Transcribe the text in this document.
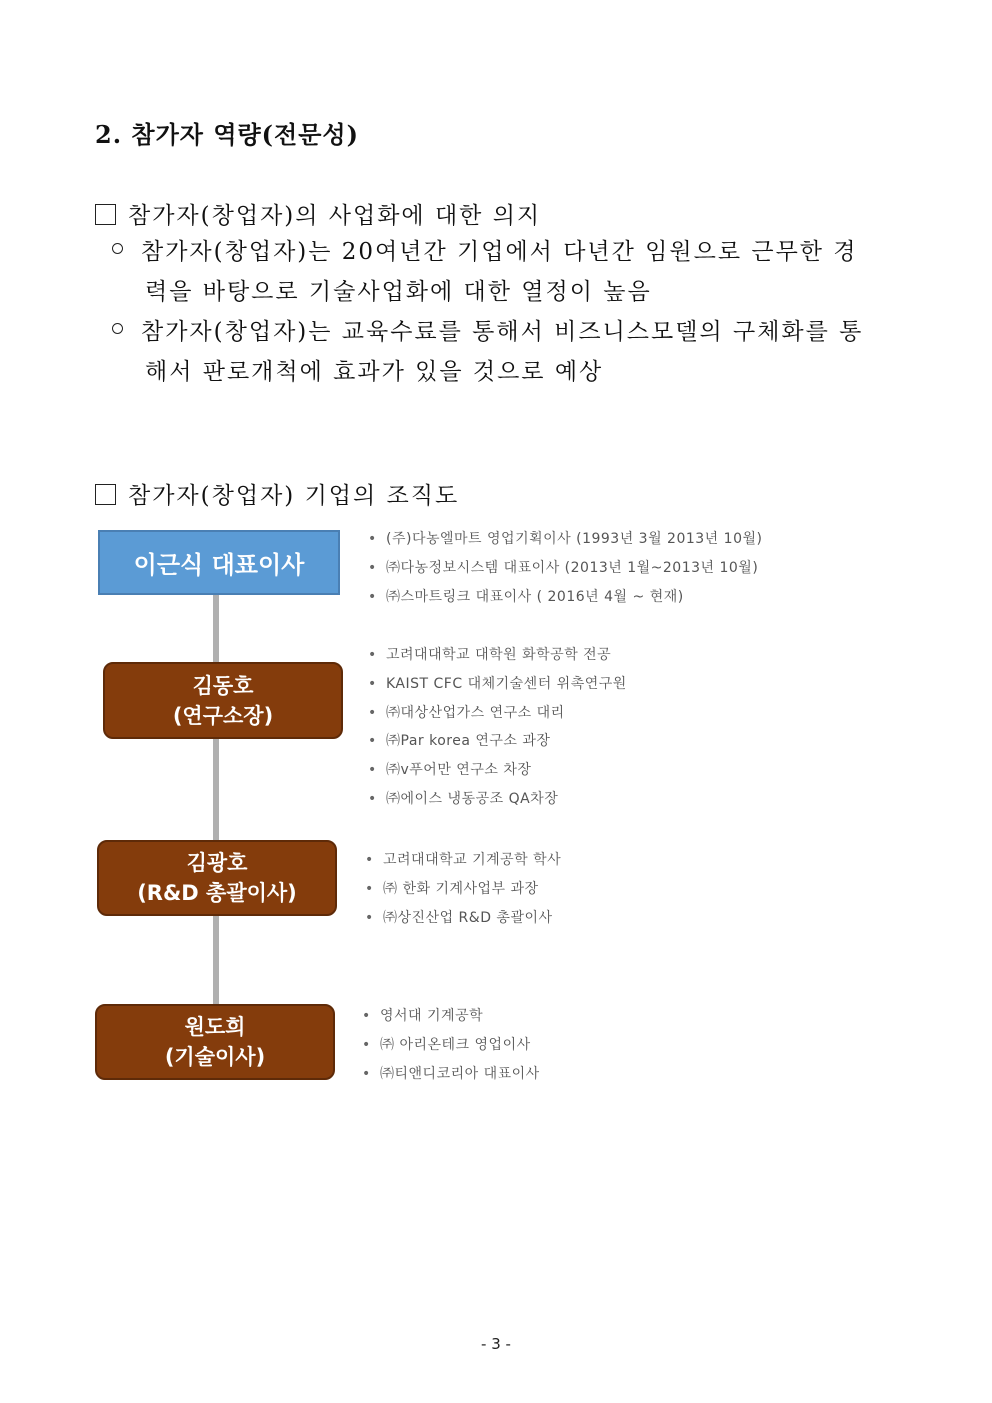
2. 참가자 역량(전문성)
참가자(창업자)의 사업화에 대한 의지
참가자(창업자)는 20여년간 기업에서 다년간 임원으로 근무한 경
력을 바탕으로 기술사업화에 대한 열정이 높음
참가자(창업자)는 교육수료를 통해서 비즈니스모델의 구체화를 통
해서 판로개척에 효과가 있을 것으로 예상
참가자(창업자) 기업의 조직도
이근식 대표이사
• (주)다농엘마트 영업기획이사 (1993년 3월 2013년 10월)
• ㈜다농정보시스템 대표이사 (2013년 1월~2013년 10월)
• ㈜스마트링크 대표이사 ( 2016년 4월 ~ 현재)
김동호
(연구소장)
• 고려대대학교 대학원 화학공학 전공
• KAIST CFC 대체기술센터 위촉연구원
• ㈜대상산업가스 연구소 대리
• ㈜Par korea 연구소 과장
• ㈜v푸어만 연구소 차장
• ㈜에이스 냉동공조 QA차장
김광호
(R&D 총괄이사)
• 고려대대학교 기계공학 학사
• ㈜ 한화 기계사업부 과장
• ㈜상진산업 R&D 총괄이사
원도희
(기술이사)
• 영서대 기계공학
• ㈜ 아리온테크 영업이사
• ㈜티앤디코리아 대표이사
- 3 -
